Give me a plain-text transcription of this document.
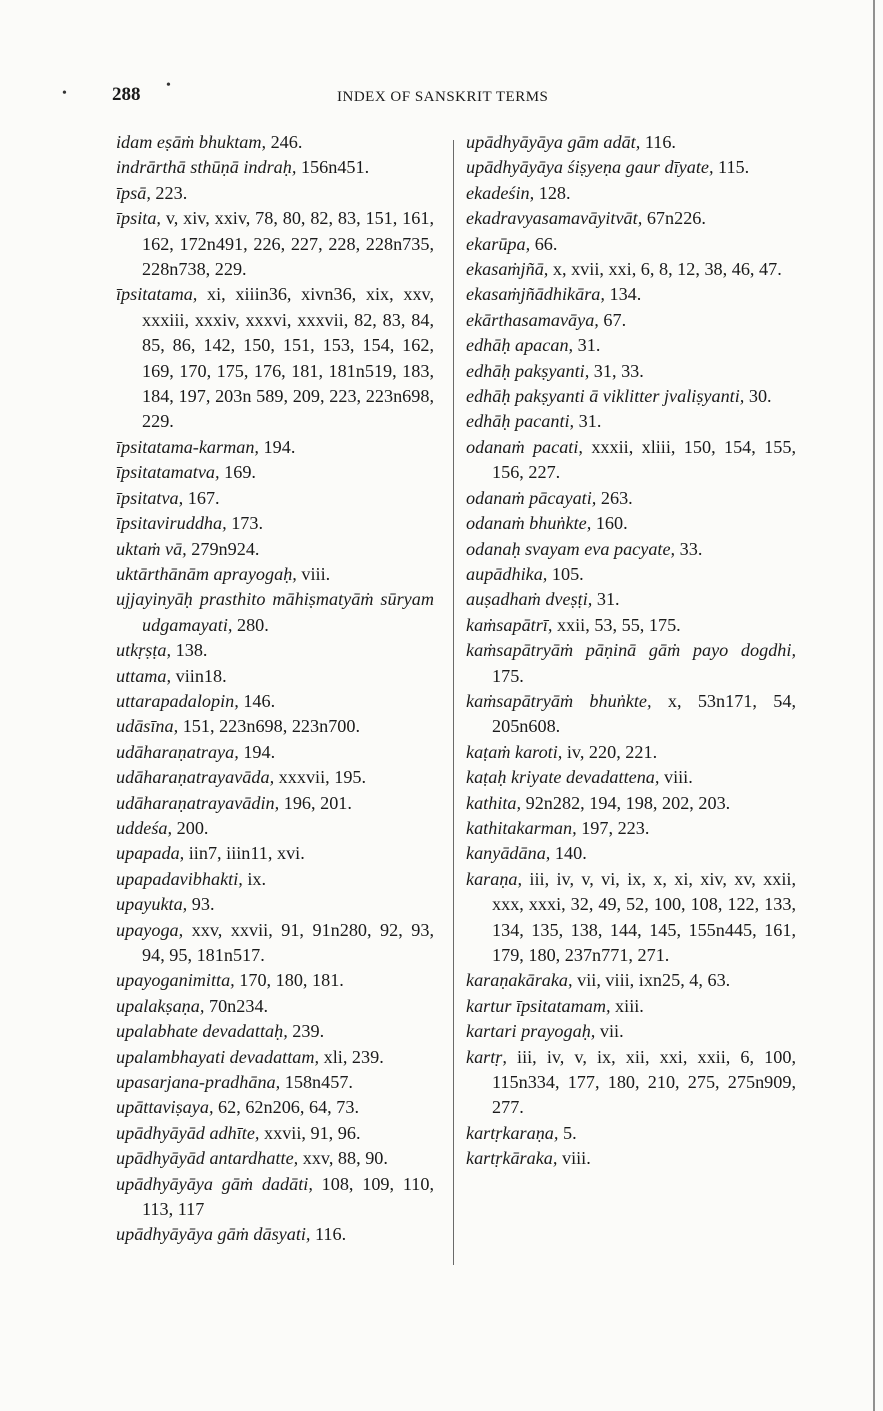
288	INDEX OF SANSKRIT TERMS
idam eṣāṁ bhuktam, 246.
indrārthā sthūṇā indraḥ, 156n451.
īpsā, 223.
īpsita, v, xiv, xxiv, 78, 80, 82, 83, 151, 161, 162, 172n491, 226, 227, 228, 228n735, 228n738, 229.
īpsitatama, xi, xiiin36, xivn36, xix, xxv, xxxiii, xxxiv, xxxvi, xxxvii, 82, 83, 84, 85, 86, 142, 150, 151, 153, 154, 162, 169, 170, 175, 176, 181, 181n519, 183, 184, 197, 203n 589, 209, 223, 223n698, 229.
īpsitatama-karman, 194.
īpsitatamatva, 169.
īpsitatva, 167.
īpsitaviruddha, 173.
uktaṁ vā, 279n924.
uktārthānām aprayogaḥ, viii.
ujjayinyāḥ prasthito māhiṣmatyāṁ sūryam udgamayati, 280.
utkṛṣṭa, 138.
uttama, viin18.
uttarapadalopin, 146.
udāsīna, 151, 223n698, 223n700.
udāharaṇatraya, 194.
udāharaṇatrayavāda, xxxvii, 195.
udāharaṇatrayavādin, 196, 201.
uddeśa, 200.
upapada, iin7, iiin11, xvi.
upapadavibhakti, ix.
upayukta, 93.
upayoga, xxv, xxvii, 91, 91n280, 92, 93, 94, 95, 181n517.
upayoganimitta, 170, 180, 181.
upalakṣaṇa, 70n234.
upalabhate devadattaḥ, 239.
upalambhayati devadattam, xli, 239.
upasarjana-pradhāna, 158n457.
upāttaviṣaya, 62, 62n206, 64, 73.
upādhyāyād adhīte, xxvii, 91, 96.
upādhyāyād antardhatte, xxv, 88, 90.
upādhyāyāya gāṁ dadāti, 108, 109, 110, 113, 117
upādhyāyāya gāṁ dāsyati, 116.
upādhyāyāya gām adāt, 116.
upādhyāyāya śiṣyeṇa gaur dīyate, 115.
ekadeśin, 128.
ekadravyasamavāyitvāt, 67n226.
ekarūpa, 66.
ekasaṁjñā, x, xvii, xxi, 6, 8, 12, 38, 46, 47.
ekasaṁjñādhikāra, 134.
ekārthasamavāya, 67.
edhāḥ apacan, 31.
edhāḥ pakṣyanti, 31, 33.
edhāḥ pakṣyanti ā viklitter jvaliṣyanti, 30.
edhāḥ pacanti, 31.
odanaṁ pacati, xxxii, xliii, 150, 154, 155, 156, 227.
odanaṁ pācayati, 263.
odanaṁ bhuṅkte, 160.
odanaḥ svayam eva pacyate, 33.
aupādhika, 105.
auṣadhaṁ dveṣṭi, 31.
kaṁsapātrī, xxii, 53, 55, 175.
kaṁsapātryāṁ pāṇinā gāṁ payo dogdhi, 175.
kaṁsapātryāṁ bhuṅkte, x, 53n171, 54, 205n608.
kaṭaṁ karoti, iv, 220, 221.
kaṭaḥ kriyate devadattena, viii.
kathita, 92n282, 194, 198, 202, 203.
kathitakarman, 197, 223.
kanyādāna, 140.
karaṇa, iii, iv, v, vi, ix, x, xi, xiv, xv, xxii, xxx, xxxi, 32, 49, 52, 100, 108, 122, 133, 134, 135, 138, 144, 145, 155n445, 161, 179, 180, 237n771, 271.
karaṇakāraka, vii, viii, ixn25, 4, 63.
kartur īpsitatamam, xiii.
kartari prayogaḥ, vii.
kartṛ, iii, iv, v, ix, xii, xxi, xxii, 6, 100, 115n334, 177, 180, 210, 275, 275n909, 277.
kartṛkaraṇa, 5.
kartṛkāraka, viii.
•
•
